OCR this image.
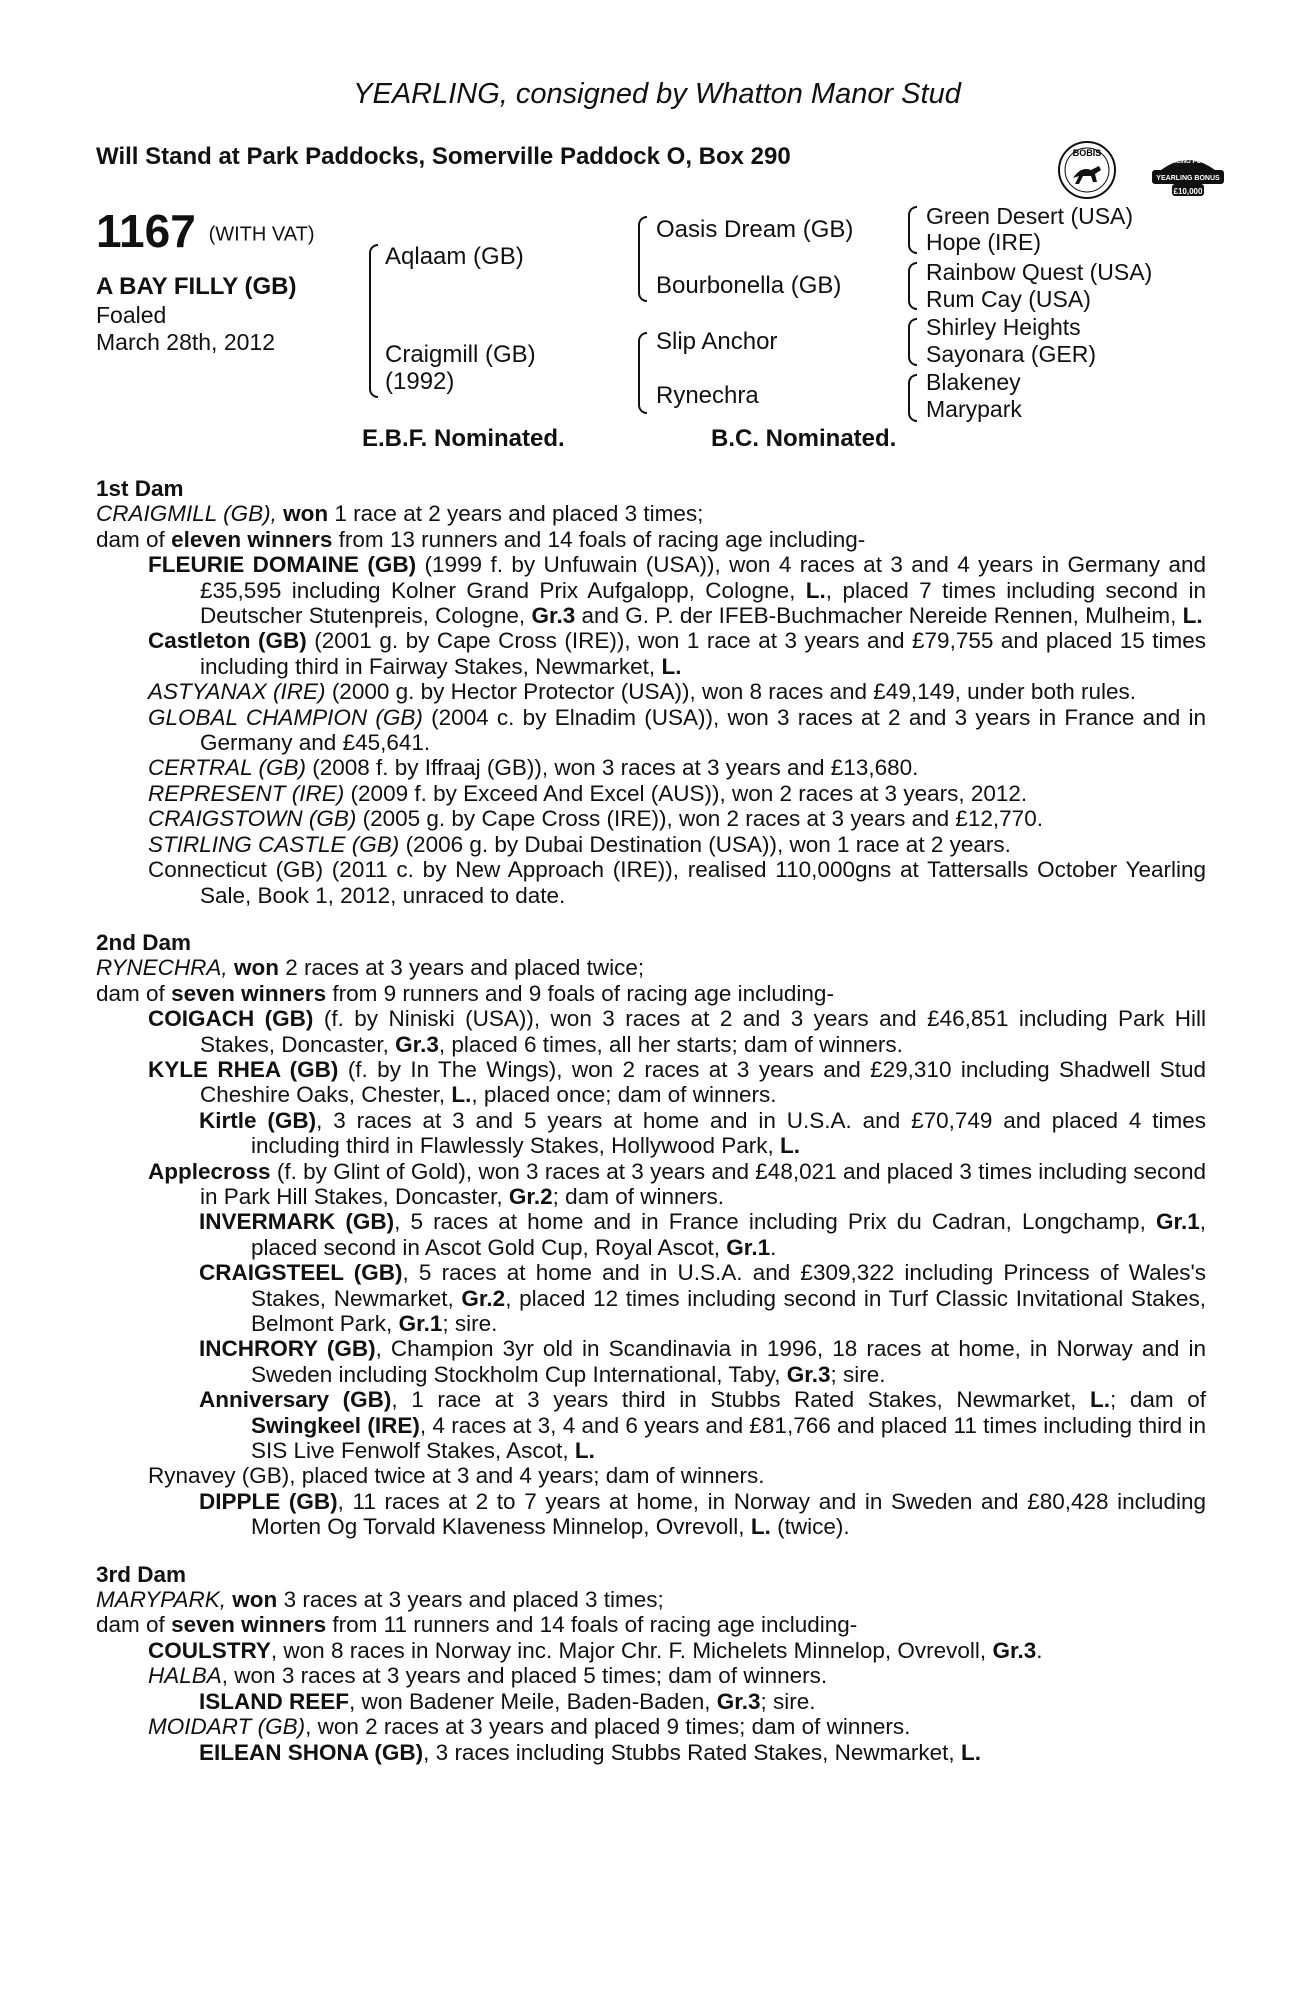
YEARLING, consigned by Whatton Manor Stud
Will Stand at Park Paddocks, Somerville Paddock O, Box 290	BOBIS
RACING POST
YEARLING BONUS
£10,000
1167 (WITH VAT)
A BAY FILLY (GB)
Foaled
March 28th, 2012
Aqlaam (GB)
Craigmill (GB)
(1992)
Oasis Dream (GB)
Bourbonella (GB)
Slip Anchor
Rynechra
Green Desert (USA)
Hope (IRE)
Rainbow Quest (USA)
Rum Cay (USA)
Shirley Heights
Sayonara (GER)
Blakeney
Marypark
E.B.F. Nominated.	B.C. Nominated.
1st Dam
CRAIGMILL (GB), won 1 race at 2 years and placed 3 times;
dam of eleven winners from 13 runners and 14 foals of racing age including-
FLEURIE DOMAINE (GB) (1999 f. by Unfuwain (USA)), won 4 races at 3 and 4 years in Germany and £35,595 including Kolner Grand Prix Aufgalopp, Cologne, L., placed 7 times including second in Deutscher Stutenpreis, Cologne, Gr.3 and G. P. der IFEB-Buchmacher Nereide Rennen, Mulheim, L.
Castleton (GB) (2001 g. by Cape Cross (IRE)), won 1 race at 3 years and £79,755 and placed 15 times including third in Fairway Stakes, Newmarket, L.
ASTYANAX (IRE) (2000 g. by Hector Protector (USA)), won 8 races and £49,149, under both rules.
GLOBAL CHAMPION (GB) (2004 c. by Elnadim (USA)), won 3 races at 2 and 3 years in France and in Germany and £45,641.
CERTRAL (GB) (2008 f. by Iffraaj (GB)), won 3 races at 3 years and £13,680.
REPRESENT (IRE) (2009 f. by Exceed And Excel (AUS)), won 2 races at 3 years, 2012.
CRAIGSTOWN (GB) (2005 g. by Cape Cross (IRE)), won 2 races at 3 years and £12,770.
STIRLING CASTLE (GB) (2006 g. by Dubai Destination (USA)), won 1 race at 2 years.
Connecticut (GB) (2011 c. by New Approach (IRE)), realised 110,000gns at Tattersalls October Yearling Sale, Book 1, 2012, unraced to date.
2nd Dam
RYNECHRA, won 2 races at 3 years and placed twice;
dam of seven winners from 9 runners and 9 foals of racing age including-
COIGACH (GB) (f. by Niniski (USA)), won 3 races at 2 and 3 years and £46,851 including Park Hill Stakes, Doncaster, Gr.3, placed 6 times, all her starts; dam of winners.
KYLE RHEA (GB) (f. by In The Wings), won 2 races at 3 years and £29,310 including Shadwell Stud Cheshire Oaks, Chester, L., placed once; dam of winners.
Kirtle (GB), 3 races at 3 and 5 years at home and in U.S.A. and £70,749 and placed 4 times including third in Flawlessly Stakes, Hollywood Park, L.
Applecross (f. by Glint of Gold), won 3 races at 3 years and £48,021 and placed 3 times including second in Park Hill Stakes, Doncaster, Gr.2; dam of winners.
INVERMARK (GB), 5 races at home and in France including Prix du Cadran, Longchamp, Gr.1, placed second in Ascot Gold Cup, Royal Ascot, Gr.1.
CRAIGSTEEL (GB), 5 races at home and in U.S.A. and £309,322 including Princess of Wales's Stakes, Newmarket, Gr.2, placed 12 times including second in Turf Classic Invitational Stakes, Belmont Park, Gr.1; sire.
INCHRORY (GB), Champion 3yr old in Scandinavia in 1996, 18 races at home, in Norway and in Sweden including Stockholm Cup International, Taby, Gr.3; sire.
Anniversary (GB), 1 race at 3 years third in Stubbs Rated Stakes, Newmarket, L.; dam of Swingkeel (IRE), 4 races at 3, 4 and 6 years and £81,766 and placed 11 times including third in SIS Live Fenwolf Stakes, Ascot, L.
Rynavey (GB), placed twice at 3 and 4 years; dam of winners.
DIPPLE (GB), 11 races at 2 to 7 years at home, in Norway and in Sweden and £80,428 including Morten Og Torvald Klaveness Minnelop, Ovrevoll, L. (twice).
3rd Dam
MARYPARK, won 3 races at 3 years and placed 3 times;
dam of seven winners from 11 runners and 14 foals of racing age including-
COULSTRY, won 8 races in Norway inc. Major Chr. F. Michelets Minnelop, Ovrevoll, Gr.3.
HALBA, won 3 races at 3 years and placed 5 times; dam of winners.
ISLAND REEF, won Badener Meile, Baden-Baden, Gr.3; sire.
MOIDART (GB), won 2 races at 3 years and placed 9 times; dam of winners.
EILEAN SHONA (GB), 3 races including Stubbs Rated Stakes, Newmarket, L.
